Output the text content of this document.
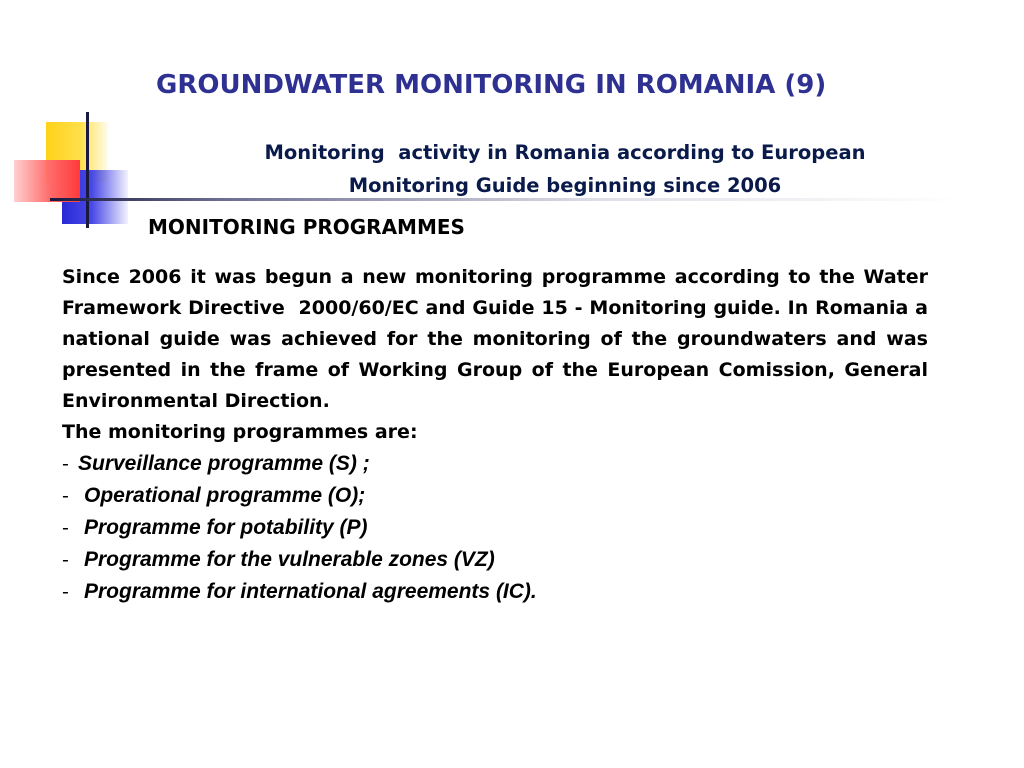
GROUNDWATER MONITORING IN ROMANIA (9)
Monitoring  activity in Romania according to European
Monitoring Guide beginning since 2006
MONITORING PROGRAMMES

Since 2006 it was begun a new monitoring programme according to the Water Framework Directive  2000/60/EC and Guide 15 - Monitoring guide. In Romania a national guide was achieved for the monitoring of the groundwaters and was presented in the frame of Working Group of the European Comission, General Environmental Direction.

The monitoring programmes are:

- Surveillance programme (S) ;
- Operational programme (O);
- Programme for potability (P)
- Programme for the vulnerable zones (VZ)
- Programme for international agreements (IC).
